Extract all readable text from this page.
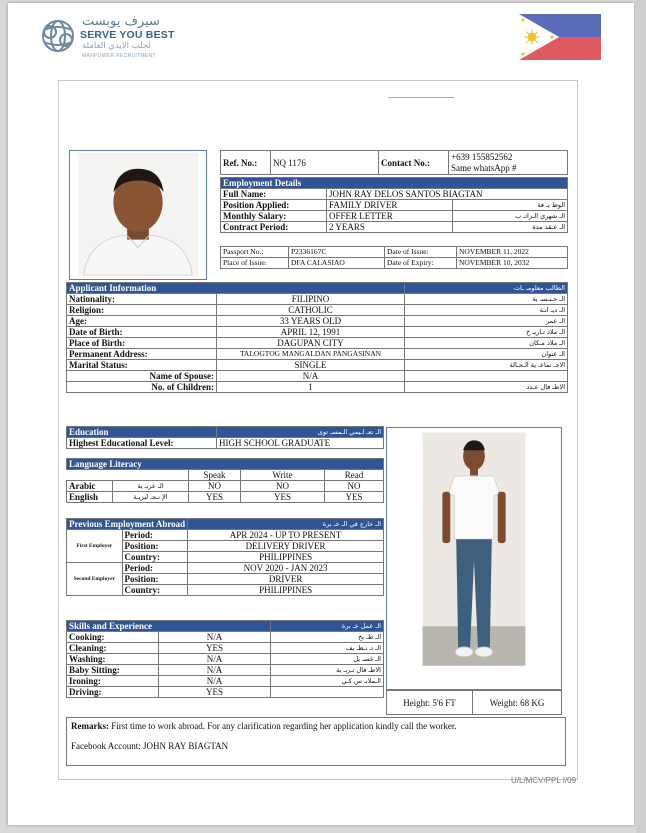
سيرف يوبست
SERVE YOU BEST
لجلب الايدي العاملة
MANPOWER RECRUITMENT
Ref. No.:	NQ 1176	Contact No.:	+639 155852562
Same whatsApp #
Employment Details		
Full Name:	JOHN RAY DELOS SANTOS BIAGTAN	
Position Applied:	FAMILY DRIVER	الوظ يـ فة
Monthly Salary:	OFFER LETTER	الـ شهري الـراتـ ب
Contract Period:	2 YEARS	الـ عـقد مدة
Passport No.:	P2336167C	Date of Issue:	NOVEMBER 11, 2022
Place of Issue:	DFA CALASIAO	Date of Expiry:	NOVEMBER 10, 2032
Applicant Information		الطالب معلومـ ـات
Nationality:	FILIPINO	الـ جـنـسـ ية
Religion:	CATHOLIC	الـ ديـ انـة
Age:	33 YEARS OLD	الـ عمر
Date of Birth:	APRIL 12, 1991	الـ ملاد تـاريـ خ
Place of Birth:	DAGUPAN CITY	الـ ملاد مـكان
Permanent Address:	TALOGTOG MANGALDAN PANGASINAN	الـ عنوان
Marital Status:	SINGLE	الاجـ تماعـ ية الـحـالة
Name of Spouse:	N/A	
No. of Children:	1	الاطـ فال عـدد
Education	الـ تعـ لـيمي الـمسـ توى
Highest Educational Level:	HIGH SCHOOL GRADUATE
Language Literacy				
		Speak	Write	Read
Arabic	الـ عربـ ية	NO	NO	NO
English	الإ نـجـ ليزيـة	YES	YES	YES
Previous Employment Abroad		الـ خارج في الـ خـ برة
First Employer	Period:	APR 2024 - UP TO PRESENT
	Position:	DELIVERY DRIVER
	Country:	PHILIPPINES
Second Employer	Period:	NOV 2020 - JAN 2023
	Position:	DRIVER
	Country:	PHILIPPINES
Skills and Experience		الـ عمل خـ برة
Cooking:	N/A	الـ طـ بخ
Cleaning:	YES	الـ تـ نـظـ يف
Washing:	N/A	الـ غسـ يل
Baby Sitting:	N/A	الاطـ فال تـربـ ية
Ironing:	N/A	الـملابـ س كـي
Driving:	YES	
Height: 5'6 FT	Weight: 68 KG
Remarks: First time to work abroad. For any clarification regarding her application kindly call the worker.
Facebook Account: JOHN RAY BIAGTAN
U/L/MCV/PPL I/09
